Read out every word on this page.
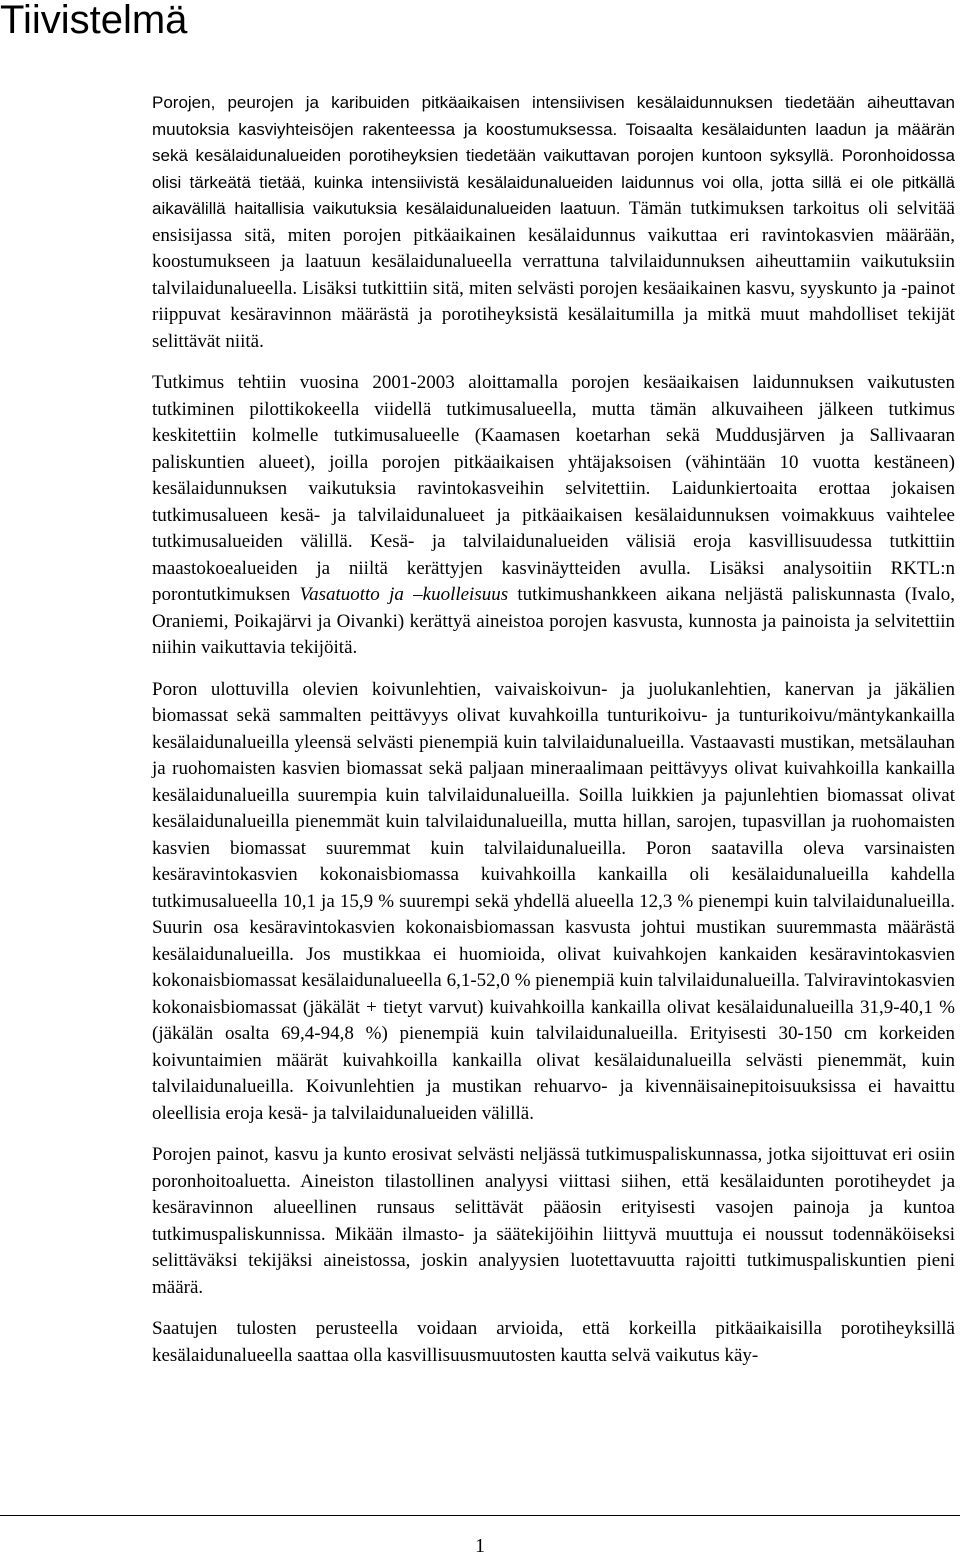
Tiivistelmä

Porojen, peurojen ja karibuiden pitkäaikaisen intensiivisen kesälaidunnuksen tiedetään aiheuttavan muutoksia kasviyhteisöjen rakenteessa ja koostumuksessa. Toisaalta kesälaidunten laadun ja määrän sekä kesälaidunalueiden porotiheyksien tiedetään vaikuttavan porojen kuntoon syksyllä. Poronhoidossa olisi tärkeätä tietää, kuinka intensiivistä kesälaidunalueiden laidunnus voi olla, jotta sillä ei ole pitkällä aikavälillä haitallisia vaikutuksia kesälaidunalueiden laatuun. Tämän tutkimuksen tarkoitus oli selvitää ensisijassa sitä, miten porojen pitkäaikainen kesälaidunnus vaikuttaa eri ravintokasvien määrään, koostumukseen ja laatuun kesälaidunalueella verrattuna talvilaidunnuksen aiheuttamiin vaikutuksiin talvilaidunalueella. Lisäksi tutkittiin sitä, miten selvästi porojen kesäaikainen kasvu, syyskunto ja -painot riippuvat kesäravinnon määrästä ja porotiheyksistä kesälaitumilla ja mitkä muut mahdolliset tekijät selittävät niitä.

Tutkimus tehtiin vuosina 2001-2003 aloittamalla porojen kesäaikaisen laidunnuksen vaikutusten tutkiminen pilottikokeella viidellä tutkimusalueella, mutta tämän alkuvaiheen jälkeen tutkimus keskitettiin kolmelle tutkimusalueelle (Kaamasen koetarhan sekä Muddusjärven ja Sallivaaran paliskuntien alueet), joilla porojen pitkäaikaisen yhtäjaksoisen (vähintään 10 vuotta kestäneen) kesälaidunnuksen vaikutuksia ravintokasveihin selvitettiin. Laidunkiertoaita erottaa jokaisen tutkimusalueen kesä- ja talvilaidunalueet ja pitkäaikaisen kesälaidunnuksen voimakkuus vaihtelee tutkimusalueiden välillä. Kesä- ja talvilaidunalueiden välisiä eroja kasvillisuudessa tutkittiin maastokoealueiden ja niiltä kerättyjen kasvinäytteiden avulla. Lisäksi analysoitiin RKTL:n porontutkimuksen Vasatuotto ja –kuolleisuus tutkimushankkeen aikana neljästä paliskunnasta (Ivalo, Oraniemi, Poikajärvi ja Oivanki) kerättyä aineistoa porojen kasvusta, kunnosta ja painoista ja selvitettiin niihin vaikuttavia tekijöitä.

Poron ulottuvilla olevien koivunlehtien, vaivaiskoivun- ja juolukanlehtien, kanervan ja jäkälien biomassat sekä sammalten peittävyys olivat kuvahkoilla tunturikoivu- ja tunturikoivu/mäntykankailla kesälaidunalueilla yleensä selvästi pienempiä kuin talvilaidunalueilla. Vastaavasti mustikan, metsälauhan ja ruohomaisten kasvien biomassat sekä paljaan mineraalimaan peittävyys olivat kuivahkoilla kankailla kesälaidunalueilla suurempia kuin talvilaidunalueilla. Soilla luikkien ja pajunlehtien biomassat olivat kesälaidunalueilla pienemmät kuin talvilaidunalueilla, mutta hillan, sarojen, tupasvillan ja ruohomaisten kasvien biomassat suuremmat kuin talvilaidunalueilla. Poron saatavilla oleva varsinaisten kesäravintokasvien kokonaisbiomassa kuivahkoilla kankailla oli kesälaidunalueilla kahdella tutkimusalueella 10,1 ja 15,9 % suurempi sekä yhdellä alueella 12,3 % pienempi kuin talvilaidunalueilla. Suurin osa kesäravintokasvien kokonaisbiomassan kasvusta johtui mustikan suuremmasta määrästä kesälaidunalueilla. Jos mustikkaa ei huomioida, olivat kuivahkojen kankaiden kesäravintokasvien kokonaisbiomassat kesälaidunalueella 6,1-52,0 % pienempiä kuin talvilaidunalueilla. Talviravintokasvien kokonaisbiomassat (jäkälät + tietyt varvut) kuivahkoilla kankailla olivat kesälaidunalueilla 31,9-40,1 % (jäkälän osalta 69,4-94,8 %) pienempiä kuin talvilaidunalueilla. Erityisesti 30-150 cm korkeiden koivuntaimien määrät kuivahkoilla kankailla olivat kesälaidunalueilla selvästi pienemmät, kuin talvilaidunalueilla. Koivunlehtien ja mustikan rehuarvo- ja kivennäisainepitoisuuksissa ei havaittu oleellisia eroja kesä- ja talvilaidunalueiden välillä.

Porojen painot, kasvu ja kunto erosivat selvästi neljässä tutkimuspaliskunnassa, jotka sijoittuvat eri osiin poronhoitoaluetta. Aineiston tilastollinen analyysi viittasi siihen, että kesälaidunten porotiheydet ja kesäravinnon alueellinen runsaus selittävät pääosin erityisesti vasojen painoja ja kuntoa tutkimuspaliskunnissa. Mikään ilmasto- ja säätekijöihin liittyvä muuttuja ei noussut todennäköiseksi selittäväksi tekijäksi aineistossa, joskin analyysien luotettavuutta rajoitti tutkimuspaliskuntien pieni määrä.

Saatujen tulosten perusteella voidaan arvioida, että korkeilla pitkäaikaisilla porotiheyksillä kesälaidunalueella saattaa olla kasvillisuusmuutosten kautta selvä vaikutus käy-

1
